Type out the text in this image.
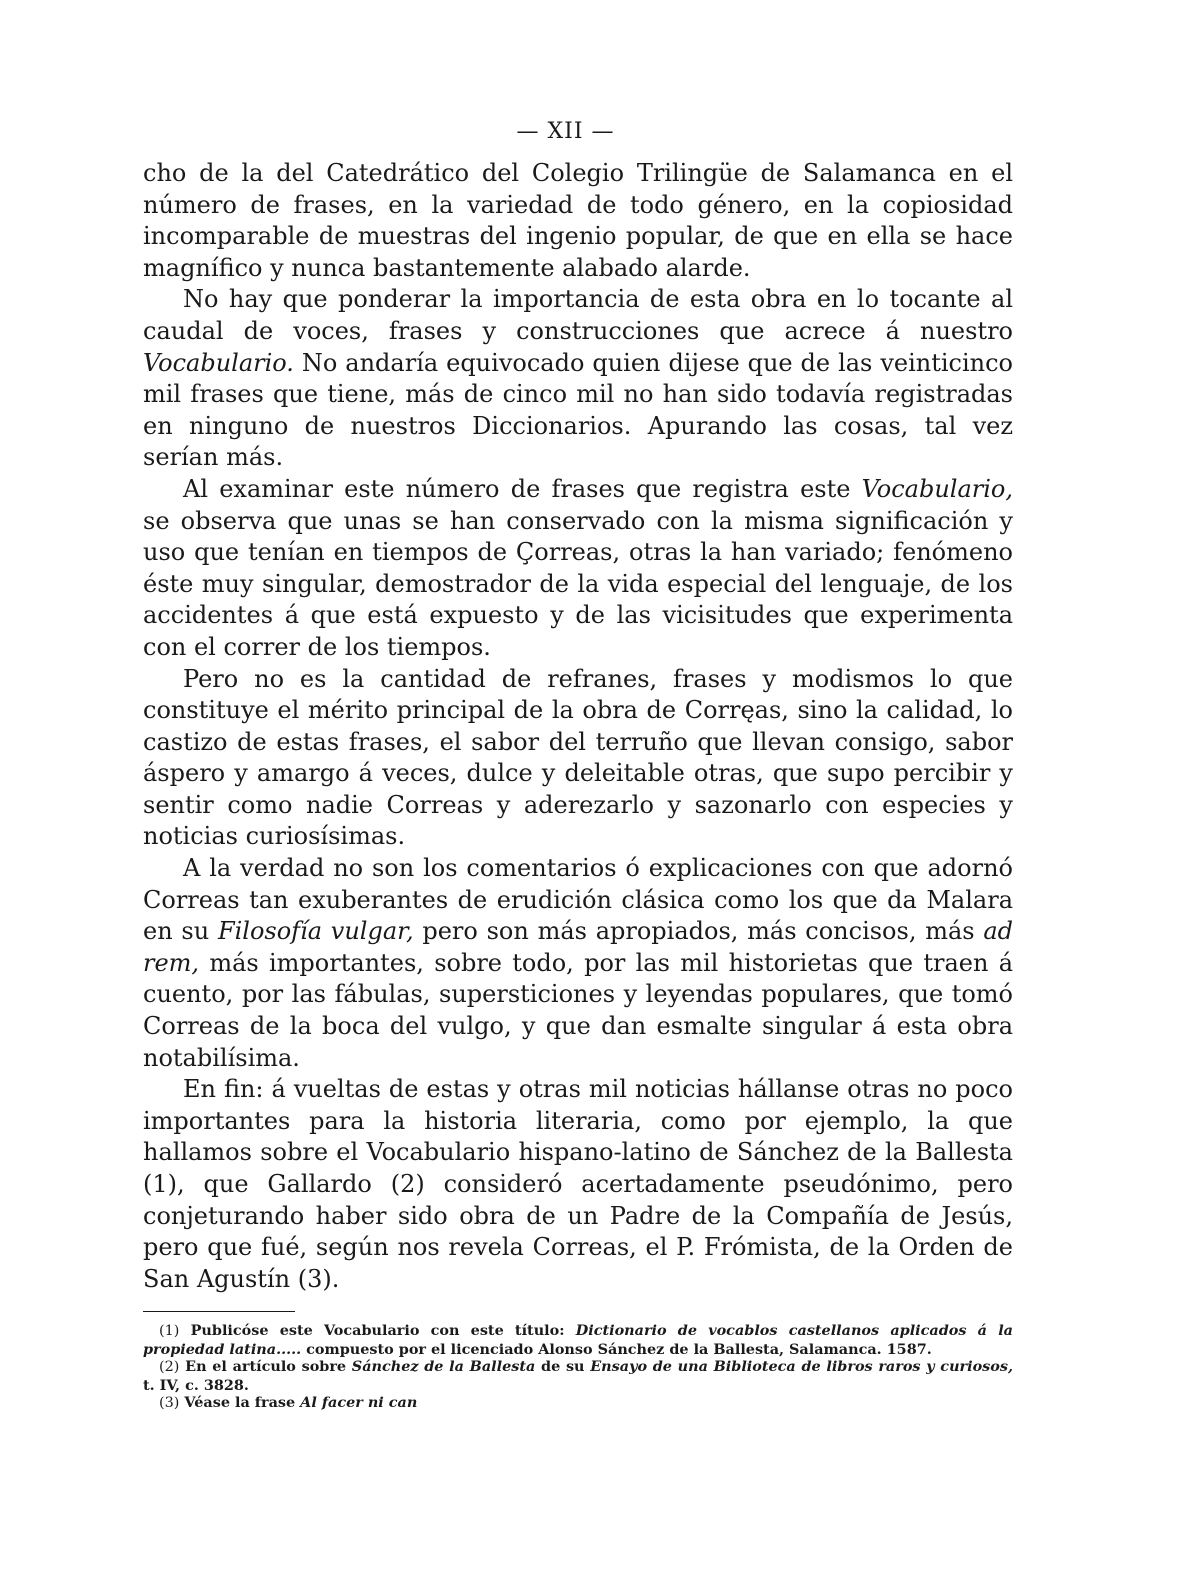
— XII —

cho de la del Catedrático del Colegio Trilingüe de Salamanca en el número de frases, en la variedad de todo género, en la copiosidad incomparable de muestras del ingenio popular, de que en ella se hace magnífico y nunca bastantemente alabado alarde.

No hay que ponderar la importancia de esta obra en lo tocante al caudal de voces, frases y construcciones que acrece á nuestro Vocabulario. No andaría equivocado quien dijese que de las veinticinco mil frases que tiene, más de cinco mil no han sido todavía registradas en ninguno de nuestros Diccionarios. Apurando las cosas, tal vez serían más.

Al examinar este número de frases que registra este Vocabulario, se observa que unas se han conservado con la misma significación y uso que tenían en tiempos de Çorreas, otras la han variado; fenómeno éste muy singular, demostrador de la vida especial del lenguaje, de los accidentes á que está expuesto y de las vicisitudes que experimenta con el correr de los tiempos.

Pero no es la cantidad de refranes, frases y modismos lo que constituye el mérito principal de la obra de Corręas, sino la calidad, lo castizo de estas frases, el sabor del terruño que llevan consigo, sabor áspero y amargo á veces, dulce y deleitable otras, que supo percibir y sentir como nadie Correas y aderezarlo y sazonarlo con especies y noticias curiosísimas.

A la verdad no son los comentarios ó explicaciones con que adornó Correas tan exuberantes de erudición clásica como los que da Malara en su Filosofía vulgar, pero son más apropiados, más concisos, más ad rem, más importantes, sobre todo, por las mil historietas que traen á cuento, por las fábulas, supersticiones y leyendas populares, que tomó Correas de la boca del vulgo, y que dan esmalte singular á esta obra notabilísima.

En fin: á vueltas de estas y otras mil noticias hállanse otras no poco importantes para la historia literaria, como por ejemplo, la que hallamos sobre el Vocabulario hispano-latino de Sánchez de la Ballesta (1), que Gallardo (2) consideró acertadamente pseudónimo, pero conjeturando haber sido obra de un Padre de la Compañía de Jesús, pero que fué, según nos revela Correas, el P. Frómista, de la Orden de San Agustín (3).

(1) Publicóse este Vocabulario con este título: Dictionario de vocablos castellanos aplicados á la propiedad latina..... compuesto por el licenciado Alonso Sánchez de la Ballesta, Salamanca. 1587.

(2) En el artículo sobre Sánchez de la Ballesta de su Ensayo de una Biblioteca de libros raros y curiosos, t. IV, c. 3828.

(3) Véase la frase Al facer ni can
